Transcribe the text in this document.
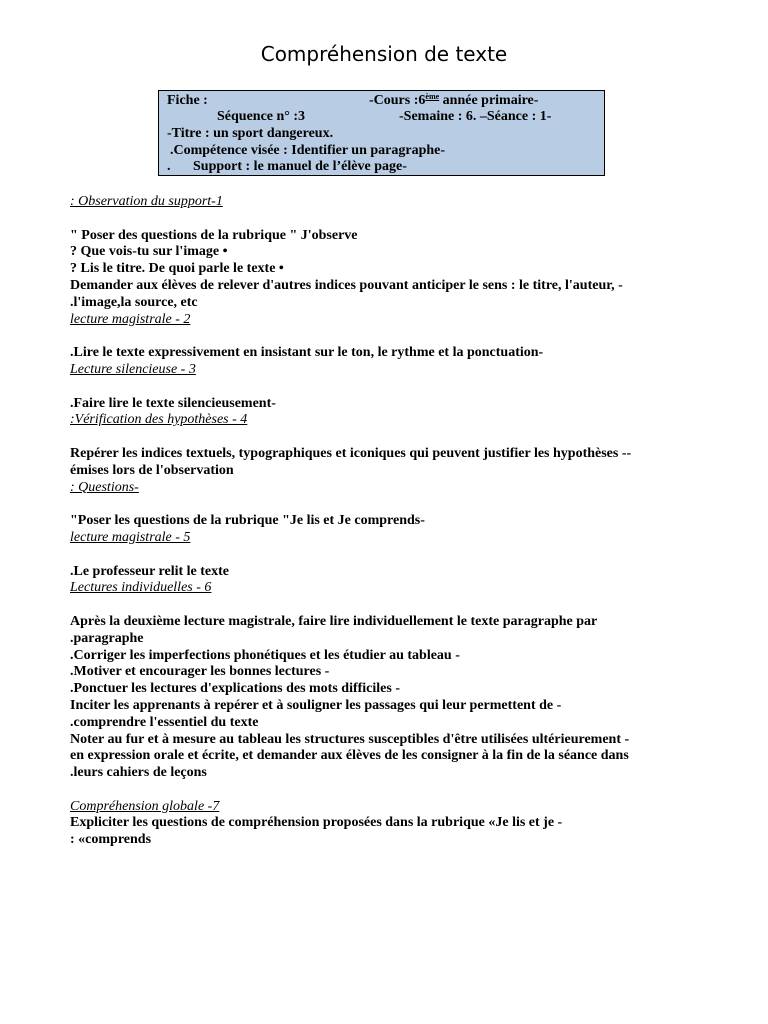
Compréhension de texte
Fiche :	-Cours :6ème année primaire-
Séquence n° :3	-Semaine : 6. –Séance : 1-
-Titre : un sport dangereux.
.Compétence visée : Identifier un paragraphe-
. Support : le manuel de l’élève page-
: Observation du support-1
" Poser des questions de la rubrique " J'observe
? Que vois-tu sur l'image •
? Lis le titre. De quoi parle le texte •
Demander aux élèves de relever d'autres indices pouvant anticiper le sens : le titre, l'auteur, -
.l'image,la source, etc
lecture magistrale - 2
.Lire le texte expressivement en insistant sur le ton, le rythme et la ponctuation-
Lecture silencieuse - 3
.Faire lire le texte silencieusement-
:Vérification des hypothèses - 4
Repérer les indices textuels, typographiques et iconiques qui peuvent justifier les hypothèses --
émises lors de l'observation
: Questions-
"Poser les questions de la rubrique "Je lis et Je comprends-
lecture magistrale - 5
.Le professeur relit le texte
Lectures individuelles - 6
Après la deuxième lecture magistrale, faire lire individuellement le texte paragraphe par
.paragraphe
.Corriger les imperfections phonétiques et les étudier au tableau -
.Motiver et encourager les bonnes lectures -
.Ponctuer les lectures d'explications des mots difficiles -
Inciter les apprenants à repérer et à souligner les passages qui leur permettent de -
.comprendre l'essentiel du texte
Noter au fur et à mesure au tableau les structures susceptibles d'être utilisées ultérieurement -
en expression orale et écrite, et demander aux élèves de les consigner à la fin de la séance dans
.leurs cahiers de leçons
Compréhension globale -7
Expliciter les questions de compréhension proposées dans la rubrique «Je lis et je -
: «comprends
